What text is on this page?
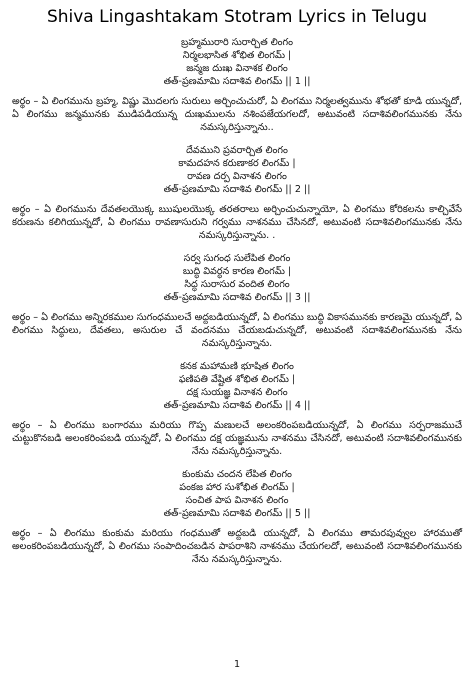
Shiva Lingashtakam Stotram Lyrics in Telugu
బ్రహ్మమురారి సురార్చిత లింగం
నిర్మలభాసిత శోభిత లింగమ్ |
జన్మజ దుఃఖ వినాశక లింగం
తత్-ప్రణమామి సదాశివ లింగమ్ || 1 ||
అర్థం – ఏ లింగమును బ్రహ్మ, విష్ణు మొదలగు సురులు అర్చించుచురో, ఏ లింగము నిర్మలత్వమును శోభతో కూడి యున్నదో, ఏ లింగము జన్మమునకు ముడిపడియున్న దుఃఖములను నశింపజేయగలదో, అటువంటి సదాశివలింగమునకు నేను నమస్కరిస్తున్నాను..
దేవముని ప్రవరార్చిత లింగం
కామదహన కరుణాకర లింగమ్ |
రావణ దర్ప వినాశన లింగం
తత్-ప్రణమామి సదాశివ లింగమ్ || 2 ||
అర్థం – ఏ లింగమును దేవతలయొక్క ఋషులయొక్క తరతరాలు అర్చించుచున్నాయో, ఏ లింగము కోరికలను కాల్చివేసే కరుణను కలిగియున్నదో, ఏ లింగము రావణాసురుని గర్వము నాశనము చేసినదో, అటువంటి సదాశివలింగమునకు నేను నమస్కరిస్తున్నాను. .
సర్వ సుగంధ సులేపిత లింగం
బుద్ధి వివర్ధన కారణ లింగమ్ |
సిద్ధ సురాసుర వందిత లింగం
తత్-ప్రణమామి సదాశివ లింగమ్ || 3 ||
అర్థం – ఏ లింగము అన్నిరకముల సుగంధములచే అద్దబడియున్నదో, ఏ లింగము బుద్ధి వికాసమునకు కారణమై యున్నదో, ఏ లింగము సిద్ధులు, దేవతలు, అసురుల చే వందనము చేయబడుచున్నదో, అటువంటి సదాశివలింగమునకు నేను నమస్కరిస్తున్నాను.
కనక మహామణి భూషిత లింగం
ఫణిపతి వేష్టిత శోభిత లింగమ్ |
దక్ష సుయజ్ఞ వినాశన లింగం
తత్-ప్రణమామి సదాశివ లింగమ్ || 4 ||
అర్థం – ఏ లింగము బంగారము మరియు గొప్ప మణులచే అలంకరింపబడియున్నదో, ఏ లింగము సర్పరాజముచే చుట్టుకొనబడి అలంకరింపబడి యున్నదో, ఏ లింగము దక్ష యజ్ఞమును నాశనము చేసినదో, అటువంటి సదాశివలింగమునకు నేను నమస్కరిస్తున్నాను.
కుంకుమ చందన లేపిత లింగం
పంకజ హార సుశోభిత లింగమ్ |
సంచిత పాప వినాశన లింగం
తత్-ప్రణమామి సదాశివ లింగమ్ || 5 ||
అర్థం – ఏ లింగము కుంకుమ మరియు గంధముతో అద్దబడి యున్నదో, ఏ లింగము తామరపువ్వుల హారముతో అలంకరింపబడియున్నదో, ఏ లింగము సంపాదించబడిన పాపరాశిని నాశనము చేయగలదో, అటువంటి సదాశివలింగమునకు నేను నమస్కరిస్తున్నాను.
1
